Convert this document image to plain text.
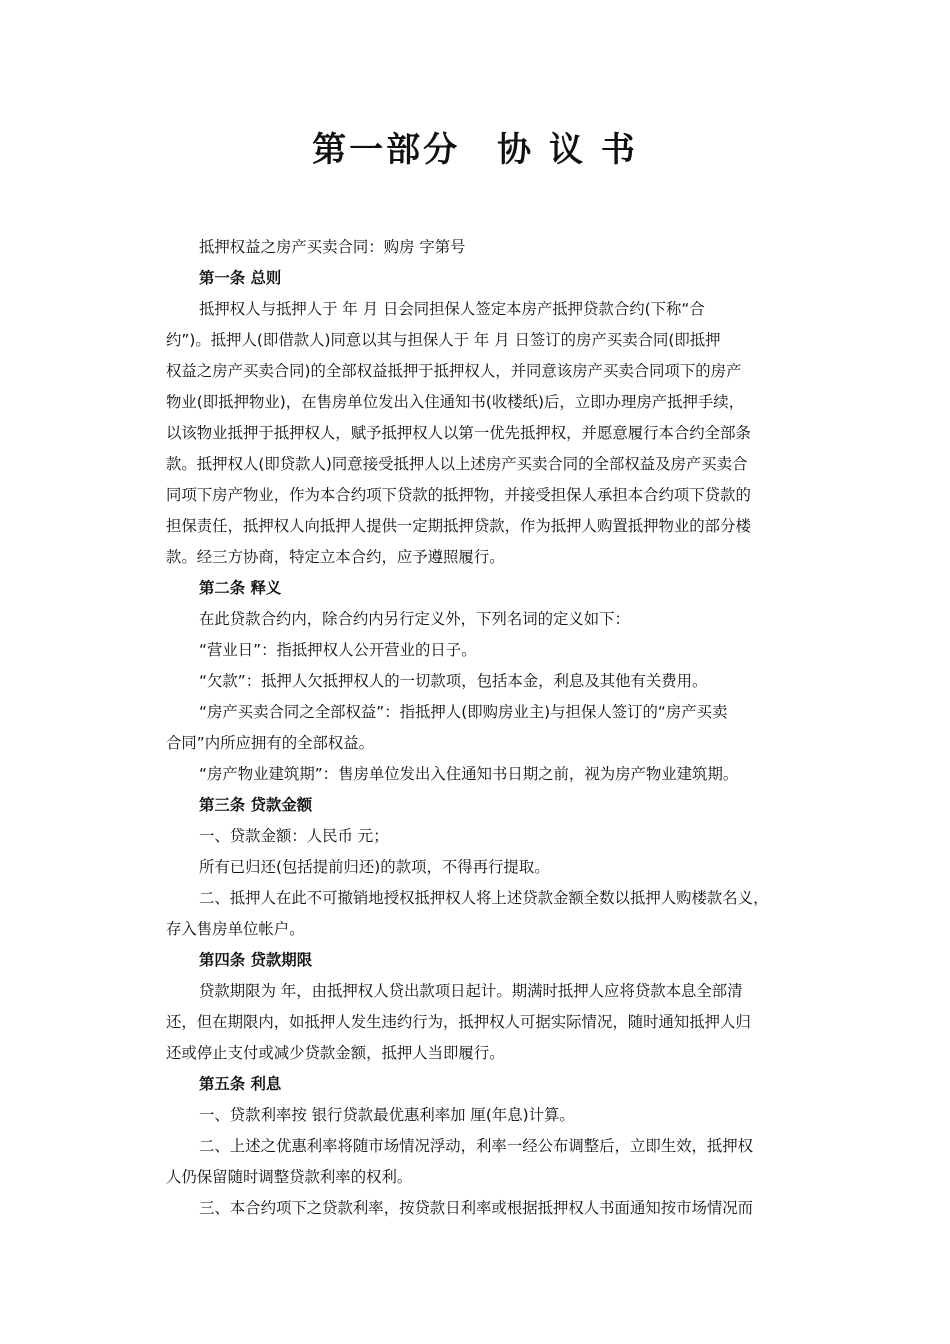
第一部分　协 议 书
抵押权益之房产买卖合同：购房 字第号
第一条 总则
抵押权人与抵押人于 年 月 日会同担保人签定本房产抵押贷款合约(下称“合
约”)。抵押人(即借款人)同意以其与担保人于 年 月 日签订的房产买卖合同(即抵押
权益之房产买卖合同)的全部权益抵押于抵押权人，并同意该房产买卖合同项下的房产
物业(即抵押物业)，在售房单位发出入住通知书(收楼纸)后，立即办理房产抵押手续，
以该物业抵押于抵押权人，赋予抵押权人以第一优先抵押权，并愿意履行本合约全部条
款。抵押权人(即贷款人)同意接受抵押人以上述房产买卖合同的全部权益及房产买卖合
同项下房产物业，作为本合约项下贷款的抵押物，并接受担保人承担本合约项下贷款的
担保责任，抵押权人向抵押人提供一定期抵押贷款，作为抵押人购置抵押物业的部分楼
款。经三方协商，特定立本合约，应予遵照履行。
第二条 释义
在此贷款合约内，除合约内另行定义外，下列名词的定义如下：
“营业日”：指抵押权人公开营业的日子。
“欠款”：抵押人欠抵押权人的一切款项，包括本金，利息及其他有关费用。
“房产买卖合同之全部权益”：指抵押人(即购房业主)与担保人签订的“房产买卖
合同”内所应拥有的全部权益。
“房产物业建筑期”：售房单位发出入住通知书日期之前，视为房产物业建筑期。
第三条 贷款金额
一、贷款金额：人民币 元；
所有已归还(包括提前归还)的款项，不得再行提取。
二、抵押人在此不可撤销地授权抵押权人将上述贷款金额全数以抵押人购楼款名义，
存入售房单位帐户。
第四条 贷款期限
贷款期限为 年，由抵押权人贷出款项日起计。期满时抵押人应将贷款本息全部清
还，但在期限内，如抵押人发生违约行为，抵押权人可据实际情况，随时通知抵押人归
还或停止支付或减少贷款金额，抵押人当即履行。
第五条 利息
一、贷款利率按 银行贷款最优惠利率加 厘(年息)计算。
二、上述之优惠利率将随市场情况浮动，利率一经公布调整后，立即生效，抵押权
人仍保留随时调整贷款利率的权利。
三、本合约项下之贷款利率，按贷款日利率或根据抵押权人书面通知按市场情况而
